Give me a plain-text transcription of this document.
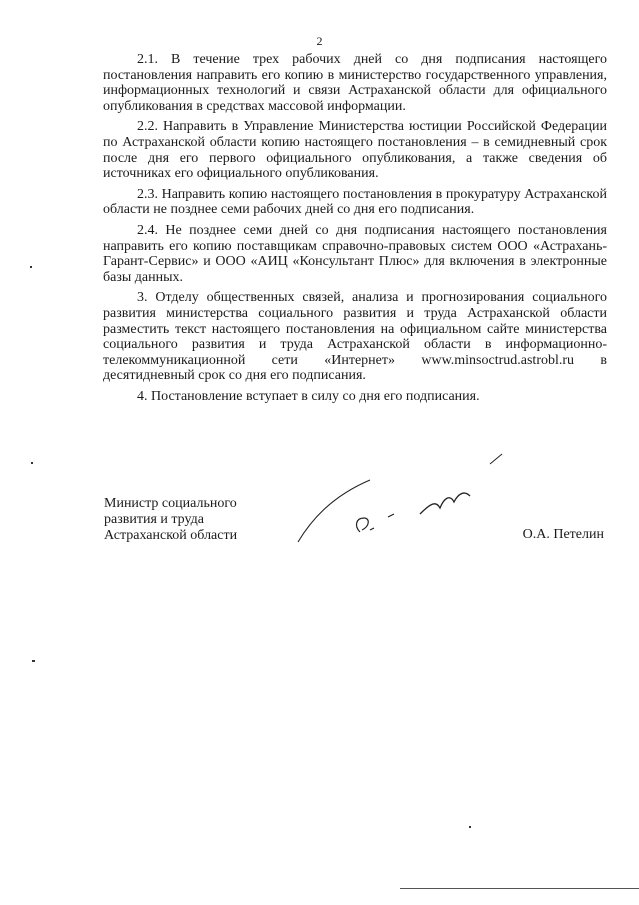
2

2.1. В течение трех рабочих дней со дня подписания настоящего постановления направить его копию в министерство государственного управления, информационных технологий и связи Астраханской области для официального опубликования в средствах массовой информации.

2.2. Направить в Управление Министерства юстиции Российской Федерации по Астраханской области копию настоящего постановления – в семидневный срок после дня его первого официального опубликования, а также сведения об источниках его официального опубликования.

2.3. Направить копию настоящего постановления в прокуратуру Астраханской области не позднее семи рабочих дней со дня его подписания.

2.4. Не позднее семи дней со дня подписания настоящего постановления направить его копию поставщикам справочно-правовых систем ООО «Астрахань-Гарант-Сервис» и ООО «АИЦ «Консультант Плюс» для включения в электронные базы данных.

3. Отделу общественных связей, анализа и прогнозирования социального развития министерства социального развития и труда Астраханской области разместить текст настоящего постановления на официальном сайте министерства социального развития и труда Астраханской области в информационно-телекоммуникационной сети «Интернет» www.minsoctrud.astrobl.ru в десятидневный срок со дня его подписания.

4. Постановление вступает в силу со дня его подписания.

Министр социального
развития и труда
Астраханской области	О.А. Петелин
